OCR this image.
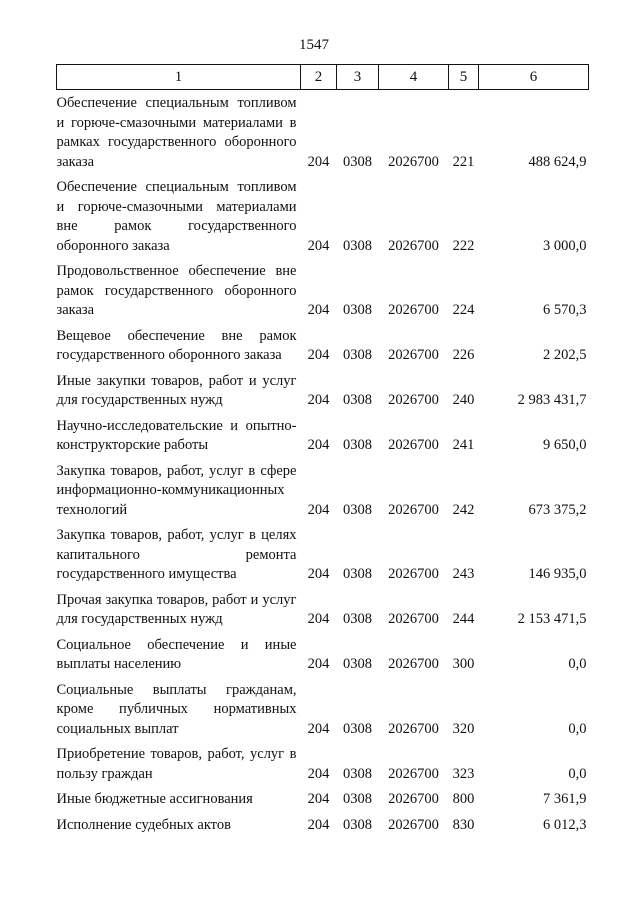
1547
1	2	3	4	5	6
Обеспечение специальным топливом и горюче-смазочными материалами в рамках государственного оборонного заказа	204	0308	2026700	221	488 624,9
Обеспечение специальным топливом и горюче-смазочными материалами вне рамок государственного оборонного заказа	204	0308	2026700	222	3 000,0
Продовольственное обеспечение вне рамок государственного оборонного заказа	204	0308	2026700	224	6 570,3
Вещевое обеспечение вне рамок государственного оборонного заказа	204	0308	2026700	226	2 202,5
Иные закупки товаров, работ и услуг для государственных нужд	204	0308	2026700	240	2 983 431,7
Научно-исследовательские и опытно-конструкторские работы	204	0308	2026700	241	9 650,0
Закупка товаров, работ, услуг в сфере информационно-коммуникационных технологий	204	0308	2026700	242	673 375,2
Закупка товаров, работ, услуг в целях капитального ремонта государственного имущества	204	0308	2026700	243	146 935,0
Прочая закупка товаров, работ и услуг для государственных нужд	204	0308	2026700	244	2 153 471,5
Социальное обеспечение и иные выплаты населению	204	0308	2026700	300	0,0
Социальные выплаты гражданам, кроме публичных нормативных социальных выплат	204	0308	2026700	320	0,0
Приобретение товаров, работ, услуг в пользу граждан	204	0308	2026700	323	0,0
Иные бюджетные ассигнования	204	0308	2026700	800	7 361,9
Исполнение судебных актов	204	0308	2026700	830	6 012,3
